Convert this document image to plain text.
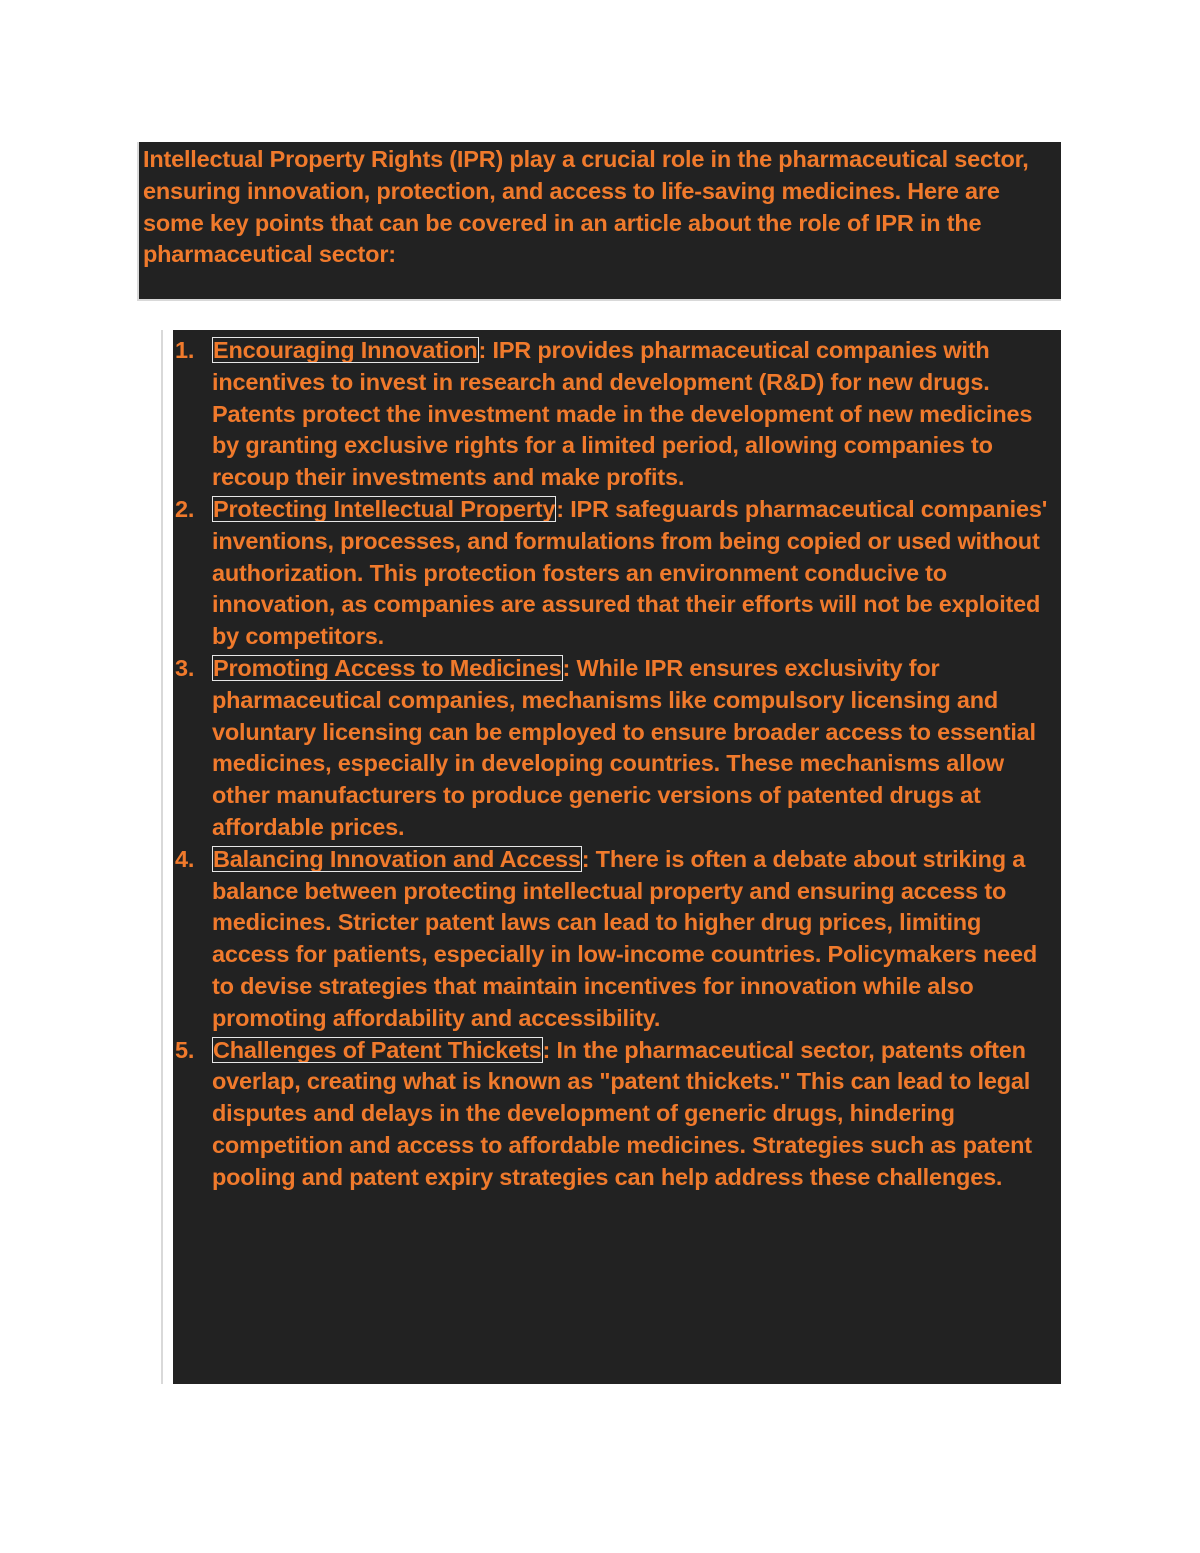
Intellectual Property Rights (IPR) play a crucial role in the pharmaceutical sector, ensuring innovation, protection, and access to life-saving medicines. Here are some key points that can be covered in an article about the role of IPR in the pharmaceutical sector:

1. Encouraging Innovation: IPR provides pharmaceutical companies with incentives to invest in research and development (R&D) for new drugs. Patents protect the investment made in the development of new medicines by granting exclusive rights for a limited period, allowing companies to recoup their investments and make profits.
2. Protecting Intellectual Property: IPR safeguards pharmaceutical companies' inventions, processes, and formulations from being copied or used without authorization. This protection fosters an environment conducive to innovation, as companies are assured that their efforts will not be exploited by competitors.
3. Promoting Access to Medicines: While IPR ensures exclusivity for pharmaceutical companies, mechanisms like compulsory licensing and voluntary licensing can be employed to ensure broader access to essential medicines, especially in developing countries. These mechanisms allow other manufacturers to produce generic versions of patented drugs at affordable prices.
4. Balancing Innovation and Access: There is often a debate about striking a balance between protecting intellectual property and ensuring access to medicines. Stricter patent laws can lead to higher drug prices, limiting access for patients, especially in low-income countries. Policymakers need to devise strategies that maintain incentives for innovation while also promoting affordability and accessibility.
5. Challenges of Patent Thickets: In the pharmaceutical sector, patents often overlap, creating what is known as "patent thickets." This can lead to legal disputes and delays in the development of generic drugs, hindering competition and access to affordable medicines. Strategies such as patent pooling and patent expiry strategies can help address these challenges.
